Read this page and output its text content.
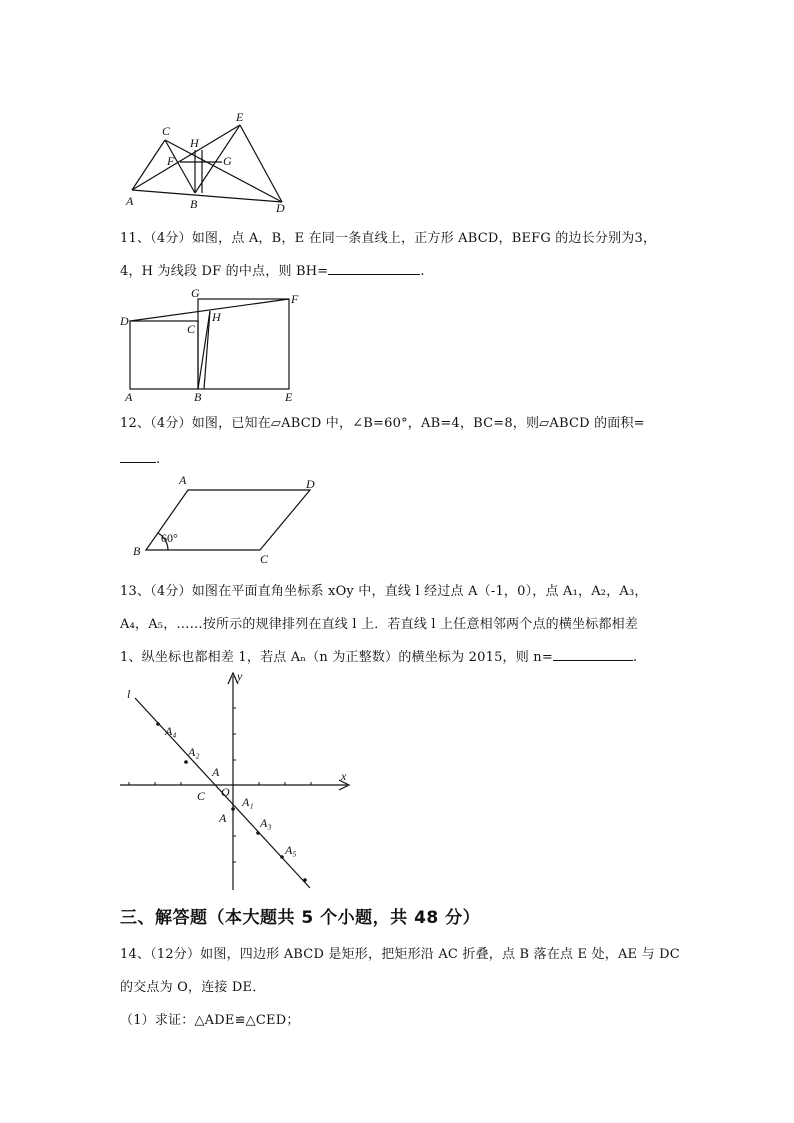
C
A	B	D
E
F	G
H

11、（4分）如图，点 A，B，E 在同一条直线上，正方形 ABCD，BEFG 的边长分别为3，

4，H 为线段 DF 的中点，则 BH=	.

D
A	B
C
G	F
H
E

12、（4分）如图，已知在▱ABCD 中，∠B=60°，AB=4，BC=8，则▱ABCD 的面积=

.

A	D
B
C
60°

13、（4分）如图在平面直角坐标系 xOy 中，直线 l 经过点 A（-1，0），点 A₁，A₂，A₃，

A₄，A₅，……按所示的规律排列在直线 l 上．若直线 l 上任意相邻两个点的横坐标都相差

1、纵坐标也都相差 1，若点 Aₙ（n 为正整数）的横坐标为 2015，则 n=	.

l
y
x
O
C
A
A
A₁
A₂
A₃
A₄
A₅
三、解答题（本大题共 5 个小题，共 48 分）

14、（12分）如图，四边形 ABCD 是矩形，把矩形沿 AC 折叠，点 B 落在点 E 处，AE 与 DC

的交点为 O，连接 DE．

（1）求证：△ADE≌△CED；
